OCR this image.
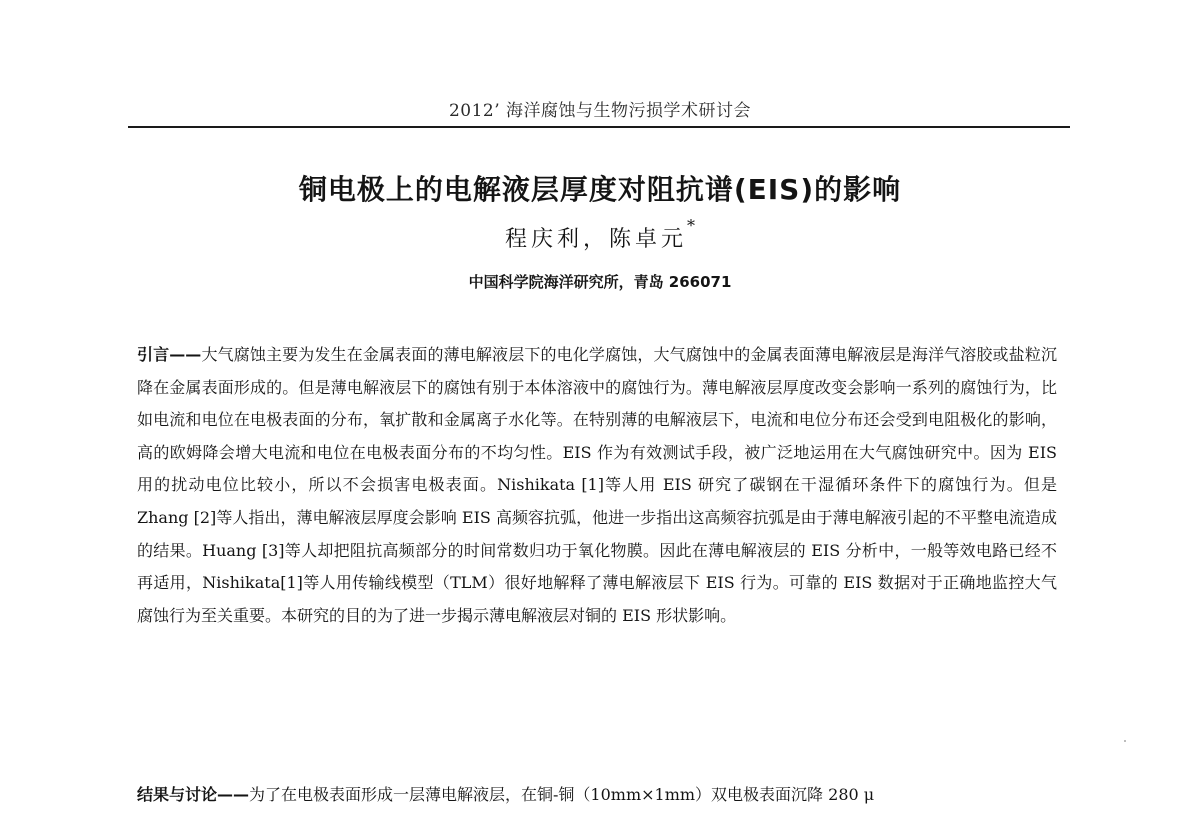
2012’ 海洋腐蚀与生物污损学术研讨会
铜电极上的电解液层厚度对阻抗谱(EIS)的影响
程庆利，陈卓元*
中国科学院海洋研究所，青岛 266071
引言——大气腐蚀主要为发生在金属表面的薄电解液层下的电化学腐蚀，大气腐蚀中的金属表面薄电解液层是海洋气溶胶或盐粒沉降在金属表面形成的。但是薄电解液层下的腐蚀有别于本体溶液中的腐蚀行为。薄电解液层厚度改变会影响一系列的腐蚀行为，比如电流和电位在电极表面的分布，氧扩散和金属离子水化等。在特别薄的电解液层下，电流和电位分布还会受到电阻极化的影响，高的欧姆降会增大电流和电位在电极表面分布的不均匀性。EIS 作为有效测试手段，被广泛地运用在大气腐蚀研究中。因为 EIS 用的扰动电位比较小，所以不会损害电极表面。Nishikata [1]等人用 EIS 研究了碳钢在干湿循环条件下的腐蚀行为。但是 Zhang [2]等人指出，薄电解液层厚度会影响 EIS 高频容抗弧，他进一步指出这高频容抗弧是由于薄电解液引起的不平整电流造成的结果。Huang [3]等人却把阻抗高频部分的时间常数归功于氧化物膜。因此在薄电解液层的 EIS 分析中，一般等效电路已经不再适用，Nishikata[1]等人用传输线模型（TLM）很好地解释了薄电解液层下 EIS 行为。可靠的 EIS 数据对于正确地监控大气腐蚀行为至关重要。本研究的目的为了进一步揭示薄电解液层对铜的 EIS 形状影响。
结果与讨论——为了在电极表面形成一层薄电解液层，在铜-铜（10mm×1mm）双电极表面沉降 280 μ
